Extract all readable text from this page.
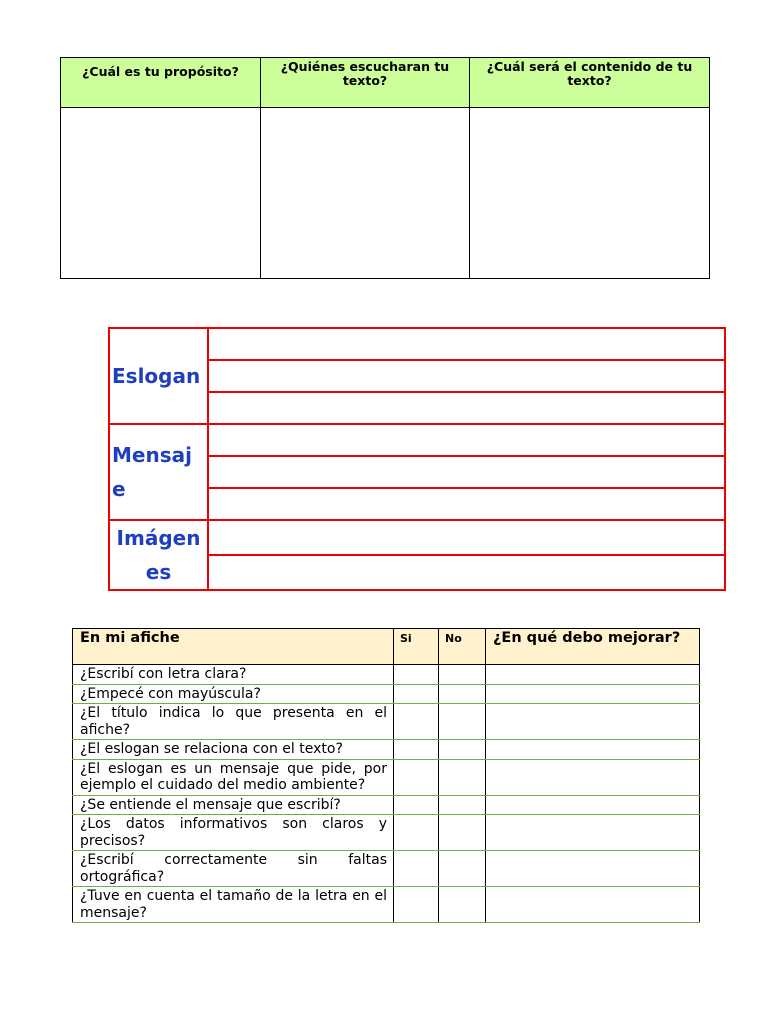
¿Cuál es tu propósito?	¿Quiénes escucharan tu texto?	¿Cuál será el contenido de tu texto?

Eslogan	

Mensaj
e	

Imágen
es	

En mi afiche	Si	No	¿En qué debo mejorar?
¿Escribí con letra clara?			
¿Empecé con mayúscula?			
¿El título indica lo que presenta en el afiche?			
¿El eslogan se relaciona con el texto?			
¿El eslogan es un mensaje que pide, por ejemplo el cuidado del medio ambiente?			
¿Se entiende el mensaje que escribí?			
¿Los datos informativos son claros y precisos?			
¿Escribí correctamente sin faltas ortográfica?			
¿Tuve en cuenta el tamaño de la letra en el mensaje?			
